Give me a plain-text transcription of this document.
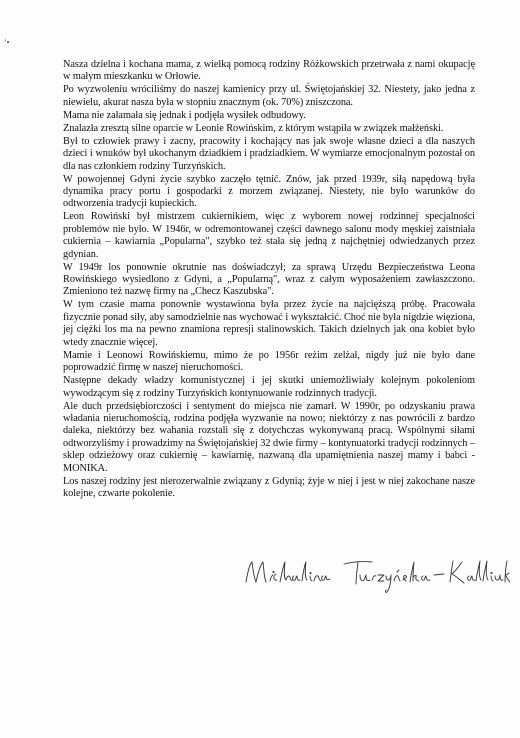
ʼ•

Nasza dzielna i kochana mama, z wielką pomocą rodziny Różkowskich przetrwała z nami okupację w małym mieszkanku w Orłowie.

Po wyzwoleniu wróciliśmy do naszej kamienicy przy ul. Świętojańskiej 32. Niestety, jako jedna z niewielu, akurat nasza była w stopniu znacznym (ok. 70%) zniszczona.

Mama nie załamała się jednak i podjęła wysiłek odbudowy.

Znalazła zresztą silne oparcie w Leonie Rowińskim, z którym wstąpiła w związek małżeński.

Był to człowiek prawy i zacny, pracowity i kochający nas jak swoje własne dzieci a dla naszych dzieci i wnuków był ukochanym dziadkiem i pradziadkiem. W wymiarze emocjonalnym pozostał on dla nas członkiem rodziny Turzyńskich.

W powojennej Gdyni życie szybko zaczęło tętnić. Znów, jak przed 1939r, siłą napędową była dynamika pracy portu i gospodarki z morzem związanej. Niestety, nie było warunków do odtworzenia tradycji kupieckich.

Leon Rowiński był mistrzem cukiernikiem, więc z wyborem nowej rodzinnej specjalności problemów nie było. W 1946r, w odremontowanej części dawnego salonu mody męskiej zaistniała cukiernia – kawiarnia „Popularna", szybko też stała się jedną z najchętniej odwiedzanych przez gdynian.

W 1949r los ponownie okrutnie nas doświadczył; za sprawą Urzędu Bezpieczeństwa Leona Rowińskiego wysiedlono z Gdyni, a „Popularną", wraz z całym wyposażeniem zawłaszczono. Zmieniono też nazwę firmy na „Checz Kaszubska".

W tym czasie mama ponownie wystawiona była przez życie na najcięższą próbę. Pracowała fizycznie ponad siły, aby samodzielnie nas wychować i wykształcić. Choć nie była nigdzie więziona, jej ciężki los ma na pewno znamiona represji stalinowskich. Takich dzielnych jak ona kobiet było wtedy znacznie więcej.

Mamie i Leonowi Rowińskiemu, mimo że po 1956r reżim zelżał, nigdy już nie było dane poprowadzić firmę w naszej nieruchomości.

Następne dekady władzy komunistycznej i jej skutki uniemożliwiały kolejnym pokoleniom wywodzącym się z rodziny Turzyńskich kontynuowanie rodzinnych tradycji.

Ale duch przedsiębiorczości i sentyment do miejsca nie zamarł. W 1990r, po odzyskaniu prawa władania nieruchomością, rodzina podjęła wyzwanie na nowo; niektórzy z nas powrócili z bardzo daleka, niektórzy bez wahania rozstali się z dotychczas wykonywaną pracą. Wspólnymi siłami odtworzyliśmy i prowadzimy na Świętojańskiej 32 dwie firmy – kontynuatorki tradycji rodzinnych – sklep odzieżowy oraz cukiernię – kawiarnię, nazwaną dla upamiętnienia naszej mamy i babci - MONIKA.

Los naszej rodziny jest nierozerwalnie związany z Gdynią; żyje w niej i jest w niej zakochane nasze kolejne, czwarte pokolenie.
